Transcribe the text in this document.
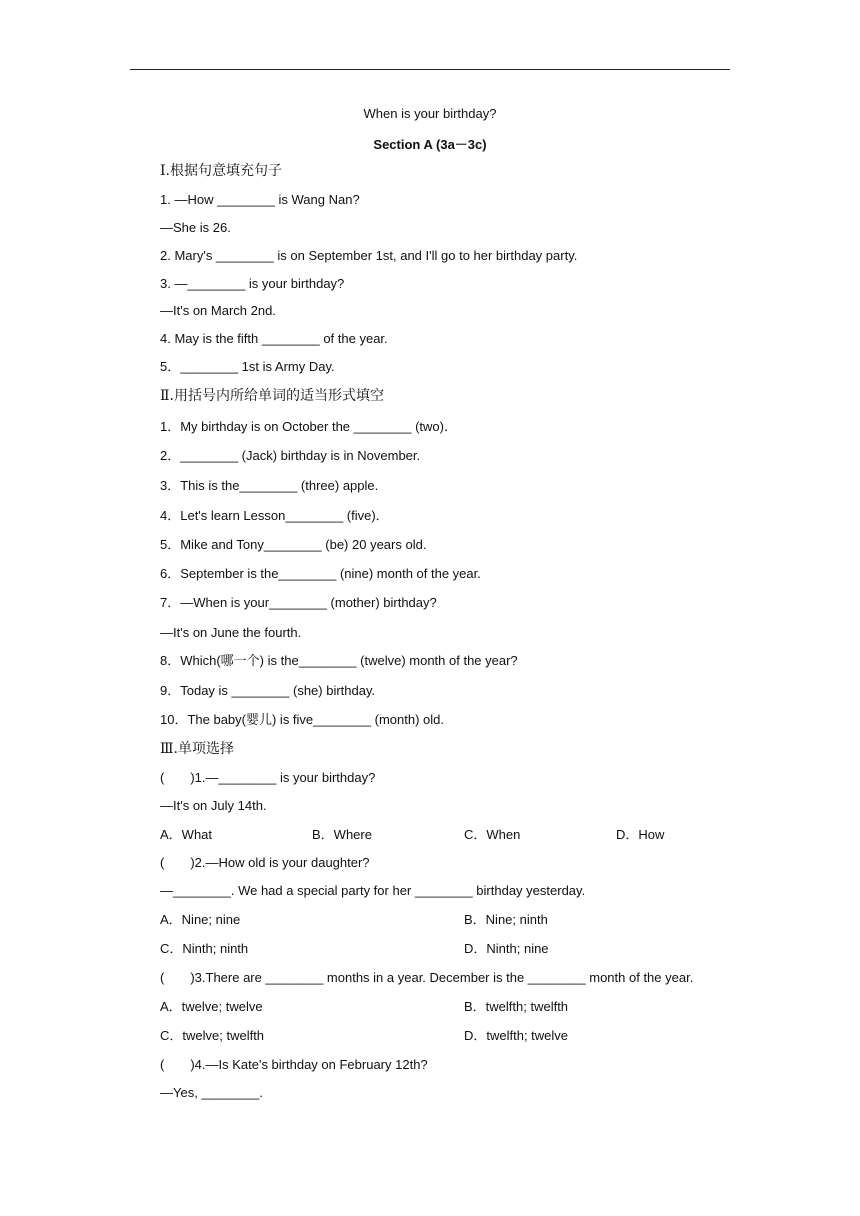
When is your birthday?
Section A (3a－3c)
Ⅰ.根据句意填充句子
1. —How ________ is Wang Nan?
—She is 26.
2. Mary's ________ is on September 1st, and I'll go to her birthday party.
3. —________ is your birthday?
—It's on March 2nd.
4. May is the fifth ________ of the year.
5．________ 1st is Army Day.
Ⅱ.用括号内所给单词的适当形式填空
1．My birthday is on October the ________ (two)．
2．________ (Jack) birthday is in November.
3．This is the________ (three) apple.
4．Let's learn Lesson________ (five)．
5．Mike and Tony________ (be) 20 years old.
6．September is the________ (nine) month of the year.
7．—When is your________ (mother) birthday?
—It's on June the fourth.
8．Which(哪一个) is the________ (twelve) month of the year?
9．Today is ________ (she) birthday.
10．The baby(婴儿) is five________ (month) old.
Ⅲ.单项选择
(　　)1.—________ is your birthday?
—It's on July 14th.
A．What	B．Where	C．When	D．How
(　　)2.—How old is your daughter?
—________. We had a special party for her ________ birthday yesterday.
A．Nine; nine	B．Nine; ninth
C．Ninth; ninth	D．Ninth; nine
(　　)3.There are ________ months in a year. December is the ________ month of the year.
A．twelve; twelve	B．twelfth; twelfth
C．twelve; twelfth	D．twelfth; twelve
(　　)4.—Is Kate's birthday on February 12th?
—Yes, ________.
